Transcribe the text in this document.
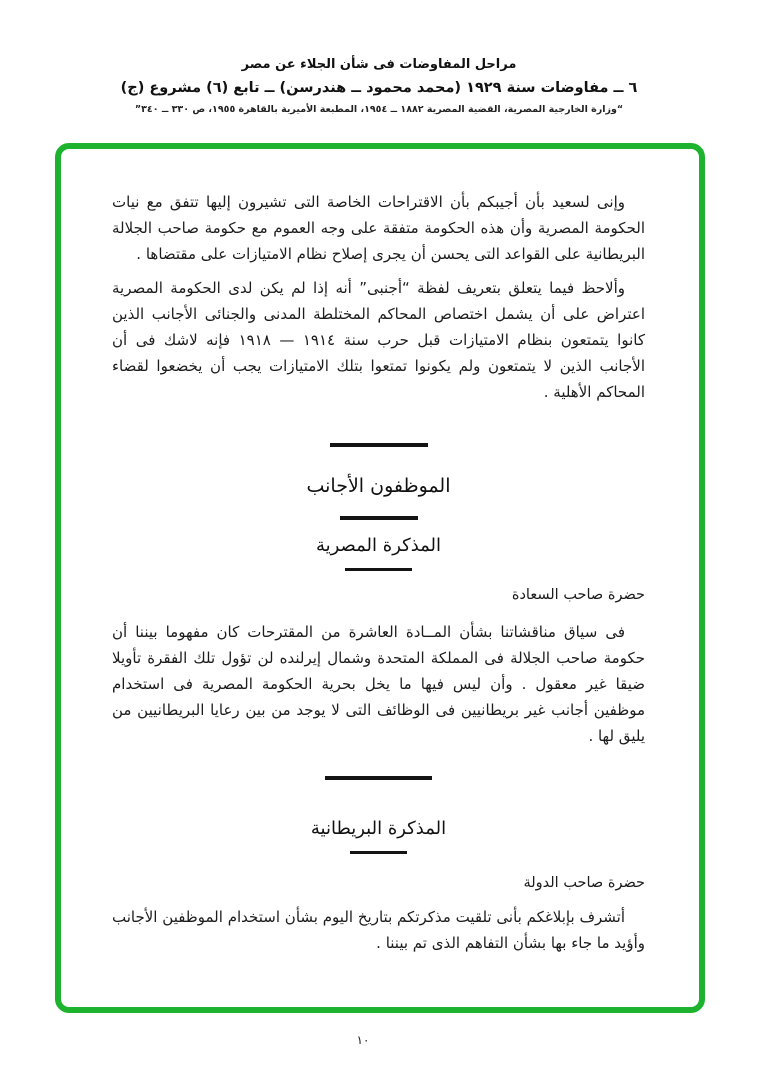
مراحل المفاوضات فى شأن الجلاء عن مصر
٦ ــ مفاوضات سنة ١٩٢٩ (محمد محمود ــ هندرسن) ــ تابع (٦) مشروع (ج)
“وزارة الخارجية المصرية، القضية المصرية ١٨٨٢ ــ ١٩٥٤، المطبعة الأميرية بالقاهرة ١٩٥٥، ص ٣٣٠ ــ ٣٤٠”

وإنى لسعيد بأن أجيبكم بأن الاقتراحات الخاصة التى تشيرون إليها تتفق مع نيات الحكومة المصرية وأن هذه الحكومة متفقة على وجه العموم مع حكومة صاحب الجلالة البريطانية على القواعد التى يحسن أن يجرى إصلاح نظام الامتيازات على مقتضاها .

وألاحظ فيما يتعلق بتعريف لفظة “أجنبى” أنه إذا لم يكن لدى الحكومة المصرية اعتراض على أن يشمل اختصاص المحاكم المختلطة المدنى والجنائى الأجانب الذين كانوا يتمتعون بنظام الامتيازات قبل حرب سنة ١٩١٤ — ١٩١٨ فإنه لاشك فى أن الأجانب الذين لا يتمتعون ولم يكونوا تمتعوا بتلك الامتيازات يجب أن يخضعوا لقضاء المحاكم الأهلية .

الموظفون الأجانب
المذكرة المصرية

حضرة صاحب السعادة

فى سياق مناقشاتنا بشأن المــادة العاشرة من المقترحات كان مفهوما بيننا أن حكومة صاحب الجلالة فى المملكة المتحدة وشمال إيرلنده لن تؤول تلك الفقرة تأويلا ضيقا غير معقول . وأن ليس فيها ما يخل بحرية الحكومة المصرية فى استخدام موظفين أجانب غير بريطانيين فى الوظائف التى لا يوجد من بين رعايا البريطانيين من يليق لها .

المذكرة البريطانية

حضرة صاحب الدولة

أتشرف بإبلاغكم بأنى تلقيت مذكرتكم بتاريخ اليوم بشأن استخدام الموظفين الأجانب وأؤيد ما جاء بها بشأن التفاهم الذى تم بيننا .

١٠
